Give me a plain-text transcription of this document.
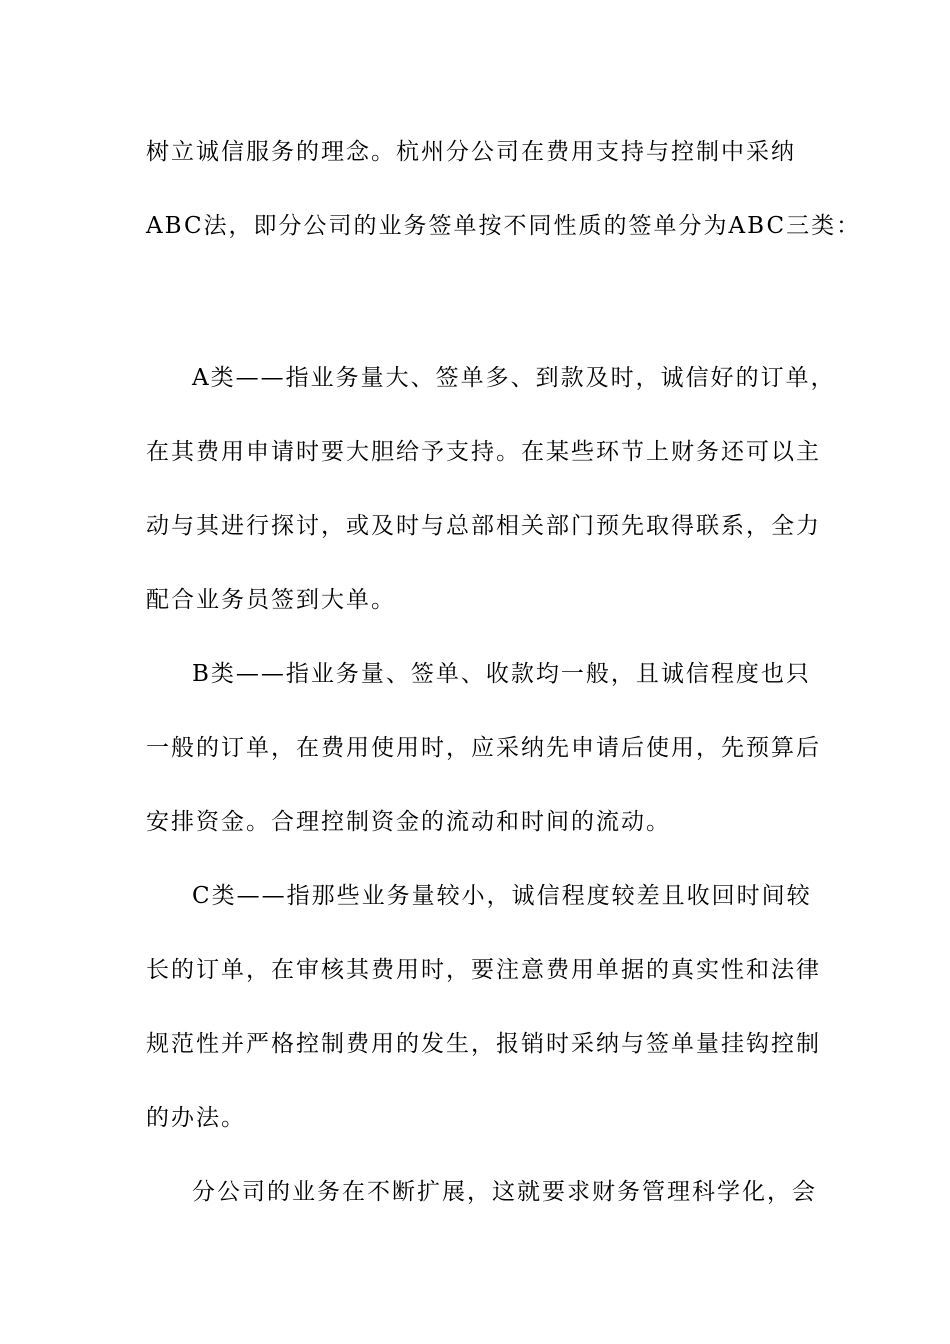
树立诚信服务的理念。杭州分公司在费用支持与控制中采纳
ABC法，即分公司的业务签单按不同性质的签单分为ABC三类：
A类——指业务量大、签单多、到款及时，诚信好的订单，
在其费用申请时要大胆给予支持。在某些环节上财务还可以主
动与其进行探讨，或及时与总部相关部门预先取得联系，全力
配合业务员签到大单。
B类——指业务量、签单、收款均一般，且诚信程度也只
一般的订单，在费用使用时，应采纳先申请后使用，先预算后
安排资金。合理控制资金的流动和时间的流动。
C类——指那些业务量较小，诚信程度较差且收回时间较
长的订单，在审核其费用时，要注意费用单据的真实性和法律
规范性并严格控制费用的发生，报销时采纳与签单量挂钩控制
的办法。
分公司的业务在不断扩展，这就要求财务管理科学化，会
